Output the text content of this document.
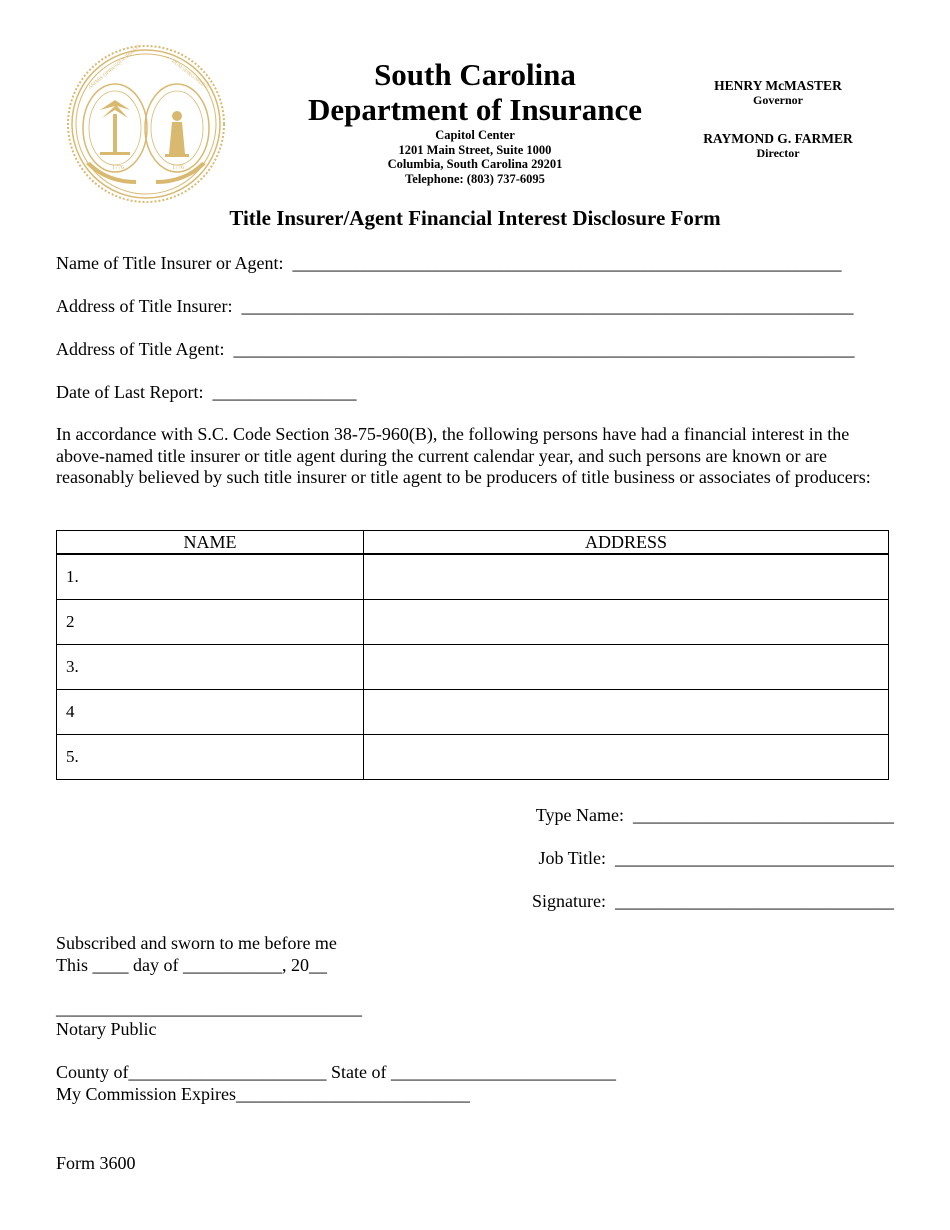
1776	1776
ANIMIS OPIBUSQUE PARATI	DUM SPIRO SPERO	South Carolina
Department of Insurance
Capitol Center
1201 Main Street, Suite 1000
Columbia, South Carolina 29201
Telephone: (803) 737-6095
HENRY McMASTER
Governor
RAYMOND G. FARMER
Director
Title Insurer/Agent Financial Interest Disclosure Form
Name of Title Insurer or Agent:  _____________________________________________________________
Address of Title Insurer:  ____________________________________________________________________
Address of Title Agent:  _____________________________________________________________________
Date of Last Report:  ________________
In accordance with S.C. Code Section 38-75-960(B), the following persons have had a financial interest in the above-named title insurer or title agent during the current calendar year, and such persons are known or are reasonably believed by such title insurer or title agent to be producers of title business or associates of producers:
NAME	ADDRESS
1.	
2	
3.	
4	
5.	
Type Name:  _____________________________
Job Title:  _______________________________
Signature:  _______________________________
Subscribed and sworn to me before me
This ____ day of ___________, 20__
__________________________________
Notary Public
County of______________________ State of _________________________
My Commission Expires__________________________
Form 3600
